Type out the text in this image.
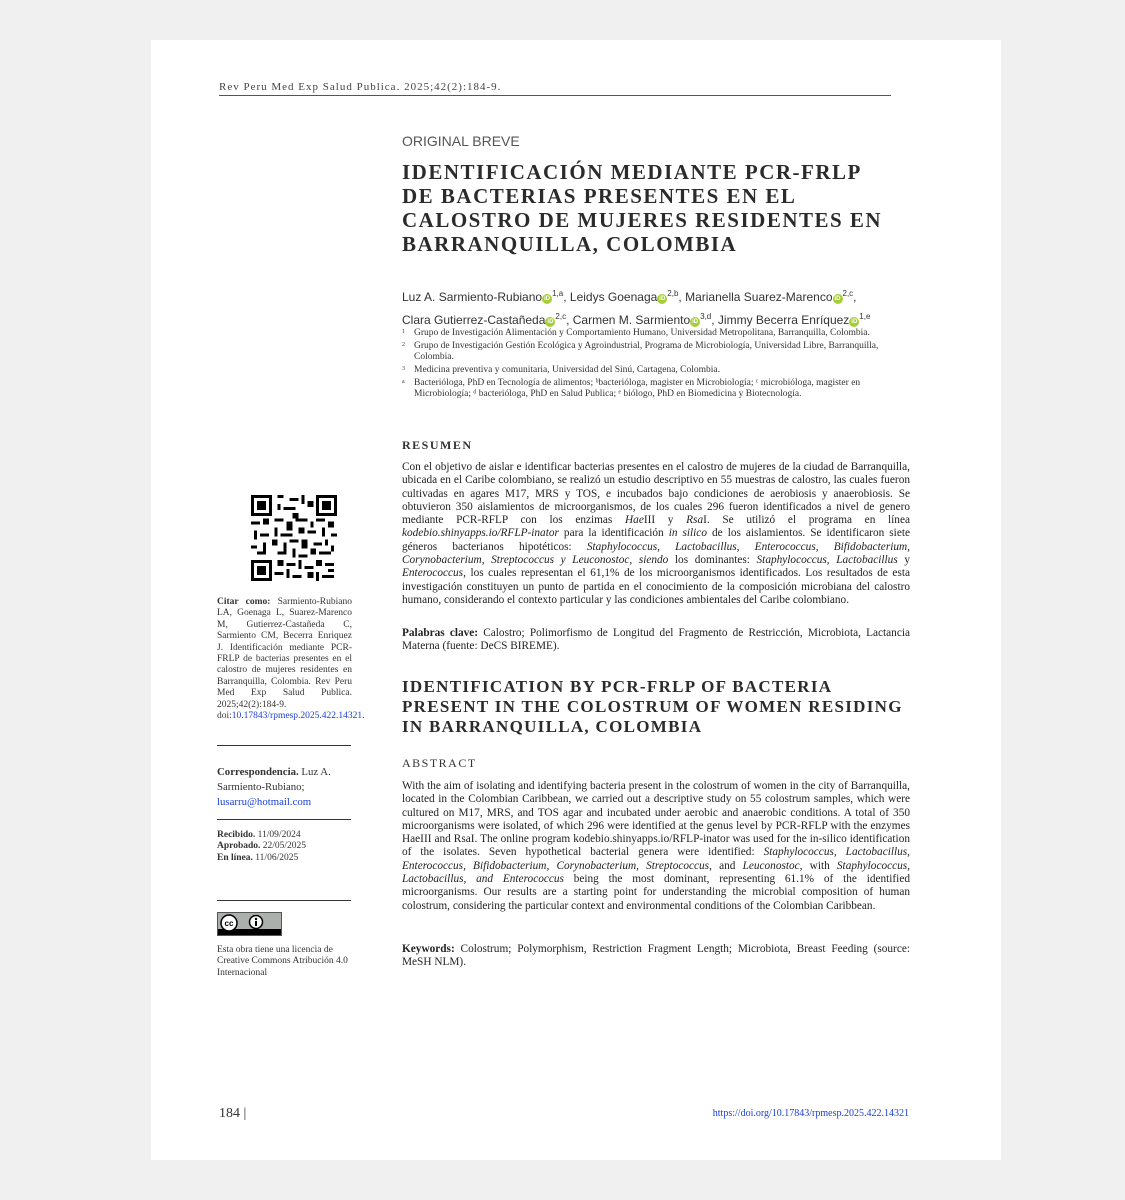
Rev Peru Med Exp Salud Publica. 2025;42(2):184-9.
ORIGINAL BREVE
IDENTIFICACIÓN MEDIANTE PCR-FRLP DE BACTERIAS PRESENTES EN EL CALOSTRO DE MUJERES RESIDENTES EN BARRANQUILLA, COLOMBIA
Luz A. Sarmiento-Rubiano iD$^{1,a}$, Leidys Goenaga iD$^{2,b}$, Marianella Suarez-Marenco iD$^{2,c}$,
Clara Gutierrez-Castañeda iD$^{2,c}$, Carmen M. Sarmiento iD$^{3,d}$, Jimmy Becerra Enríquez iD$^{1,e}$
1 Grupo de Investigación Alimentación y Comportamiento Humano, Universidad Metropolitana, Barranquilla, Colombia.
2 Grupo de Investigación Gestión Ecológica y Agroindustrial, Programa de Microbiología, Universidad Libre, Barranquilla, Colombia.
3 Medicina preventiva y comunitaria, Universidad del Sinú, Cartagena, Colombia.
a Bacterióloga, PhD en Tecnología de alimentos; ᵇbacterióloga, magister en Microbiología; ᶜ microbióloga, magister en Microbiología; ᵈ bacterióloga, PhD en Salud Publica; ᵉ biólogo, PhD en Biomedicina y Biotecnología.
RESUMEN
Con el objetivo de aislar e identificar bacterias presentes en el calostro de mujeres de la ciudad de Barranquilla, ubicada en el Caribe colombiano, se realizó un estudio descriptivo en 55 muestras de calostro, las cuales fueron cultivadas en agares M17, MRS y TOS, e incubados bajo condiciones de aerobiosis y anaerobiosis. Se obtuvieron 350 aislamientos de microorganismos, de los cuales 296 fueron identificados a nivel de genero mediante PCR-RFLP con los enzimas HaeIII y RsaI. Se utilizó el programa en línea kodebio.shinyapps.io/RFLP-inator para la identificación in silico de los aislamientos. Se identificaron siete géneros bacterianos hipotéticos: Staphylococcus, Lactobacillus, Enterococcus, Bifidobacterium, Corynobacterium, Streptococcus y Leuconostoc, siendo los dominantes: Staphylococcus, Lactobacillus y Enterococcus, los cuales representan el 61,1% de los microorganismos identificados. Los resultados de esta investigación constituyen un punto de partida en el conocimiento de la composición microbiana del calostro humano, considerando el contexto particular y las condiciones ambientales del Caribe colombiano.
Palabras clave: Calostro; Polimorfismo de Longitud del Fragmento de Restricción, Microbiota, Lactancia Materna (fuente: DeCS BIREME).
IDENTIFICATION BY PCR-FRLP OF BACTERIA PRESENT IN THE COLOSTRUM OF WOMEN RESIDING IN BARRANQUILLA, COLOMBIA
ABSTRACT
With the aim of isolating and identifying bacteria present in the colostrum of women in the city of Barranquilla, located in the Colombian Caribbean, we carried out a descriptive study on 55 colostrum samples, which were cultured on M17, MRS, and TOS agar and incubated under aerobic and anaerobic conditions. A total of 350 microorganisms were isolated, of which 296 were identified at the genus level by PCR-RFLP with the enzymes HaeIII and RsaI. The online program kodebio.shinyapps.io/RFLP-inator was used for the in-silico identification of the isolates. Seven hypothetical bacterial genera were identified: Staphylococcus, Lactobacillus, Enterococcus, Bifidobacterium, Corynobacterium, Streptococcus, and Leuconostoc, with Staphylococcus, Lactobacillus, and Enterococcus being the most dominant, representing 61.1% of the identified microorganisms. Our results are a starting point for understanding the microbial composition of human colostrum, considering the particular context and environmental conditions of the Colombian Caribbean.
Keywords: Colostrum; Polymorphism, Restriction Fragment Length; Microbiota, Breast Feeding (source: MeSH NLM).
Citar como: Sarmiento-Rubiano LA, Goenaga L, Suarez-Marenco M, Gutierrez-Castañeda C, Sarmiento CM, Becerra Enriquez J. Identificación mediante PCR-FRLP de bacterias presentes en el calostro de mujeres residentes en Barranquilla, Colombia. Rev Peru Med Exp Salud Publica. 2025;42(2):184-9. doi:10.17843/rpmesp.2025.422.14321.
Correspondencia. Luz A. Sarmiento-Rubiano;
lusarru@hotmail.com
Recibido. 11/09/2024
Aprobado. 22/05/2025
En línea. 11/06/2025
cc
Esta obra tiene una licencia de Creative Commons Atribución 4.0 Internacional
184 |	https://doi.org/10.17843/rpmesp.2025.422.14321
